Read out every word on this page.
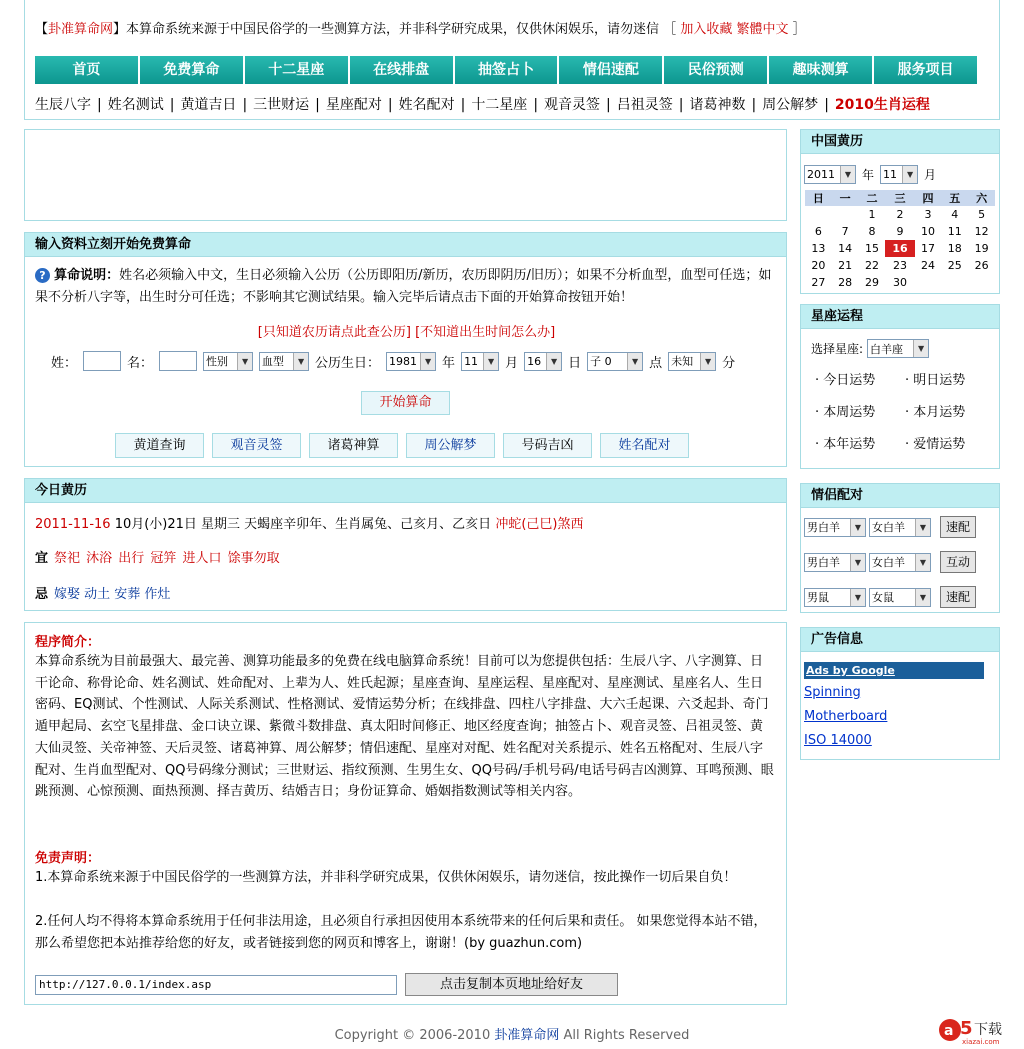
【卦准算命网】本算命系统来源于中国民俗学的一些测算方法，并非科学研究成果，仅供休闲娱乐，请勿迷信 ［ 加入收藏 繁體中文 ］
首页	免费算命	十二星座	在线排盘	抽签占卜	情侣速配	民俗预测	趣味测算	服务项目
生辰八字 | 姓名测试 | 黄道吉日 | 三世财运 | 星座配对 | 姓名配对 | 十二星座 | 观音灵签 | 吕祖灵签 | 诸葛神数 | 周公解梦 | 2010生肖运程
输入资料立刻开始免费算命
? 算命说明：姓名必须输入中文，生日必须输入公历（公历即阳历/新历，农历即阴历/旧历）；如果不分析血型，血型可任选；如果不分析八字等，出生时分可任选；不影响其它测试结果。输入完毕后请点击下面的开始算命按钮开始！
[只知道农历请点此查公历] [不知道出生时间怎么办]
姓：	名：	性别	▼	血型	▼ 公历生日： 1981 ▼ 年 11	▼ 月 16	▼ 日 子 0	▼ 点 未知	▼ 分
开始算命
黄道查询	观音灵签	诸葛神算	周公解梦	号码吉凶	姓名配对
今日黄历
2011-11-16 10月(小)21日 星期三 天蝎座辛卯年、生肖属兔、己亥月、乙亥日 冲蛇(己巳)煞西
宜 祭祀 沐浴 出行 冠笄 进人口 馀事勿取
忌 嫁娶 动土 安葬 作灶
程序简介：
本算命系统为目前最强大、最完善、测算功能最多的免费在线电脑算命系统！目前可以为您提供包括：生辰八字、八字测算、日干论命、称骨论命、姓名测试、姓命配对、上辈为人、姓氏起源；星座查询、星座运程、星座配对、星座测试、星座名人、生日密码、EQ测试、个性测试、人际关系测试、性格测试、爱情运势分析；在线排盘、四柱八字排盘、大六壬起课、六爻起卦、奇门遁甲起局、玄空飞星排盘、金口诀立课、紫微斗数排盘、真太阳时间修正、地区经度查询；抽签占卜、观音灵签、吕祖灵签、黄大仙灵签、关帝神签、天后灵签、诸葛神算、周公解梦；情侣速配、星座对对配、姓名配对关系提示、姓名五格配对、生辰八字配对、生肖血型配对、QQ号码缘分测试；三世财运、指纹预测、生男生女、QQ号码/手机号码/电话号码吉凶测算、耳鸣预测、眼跳预测、心惊预测、面热预测、择吉黄历、结婚吉日；身份证算命、婚姻指数测试等相关内容。
免责声明：
1.本算命系统来源于中国民俗学的一些测算方法，并非科学研究成果，仅供休闲娱乐，请勿迷信，按此操作一切后果自负！
2.任何人均不得将本算命系统用于任何非法用途，且必须自行承担因使用本系统带来的任何后果和责任。 如果您觉得本站不错，那么希望您把本站推荐给您的好友，或者链接到您的网页和博客上，谢谢！(by guazhun.com)
http://127.0.0.1/index.asp	点击复制本页地址给好友
中国黄历
2011	▼ 年 11	▼ 月
日	一	二	三	四	五	六
		1	2	3	4	5
6	7	8	9	10	11	12
13	14	15	16	17	18	19
20	21	22	23	24	25	26
27	28	29	30			
星座运程
选择星座: 白羊座	▼
· 今日运势	· 明日运势
· 本周运势	· 本月运势
· 本年运势	· 爱情运势
情侣配对
男白羊	▼ 女白羊	▼	速配
男白羊	▼ 女白羊	▼	互动
男鼠	▼ 女鼠	▼	速配
广告信息
Ads by Google
Spinning
Motherboard
ISO 14000
Copyright © 2006-2010 卦准算命网 All Rights Reserved	a 5 下载
xiazai.com
